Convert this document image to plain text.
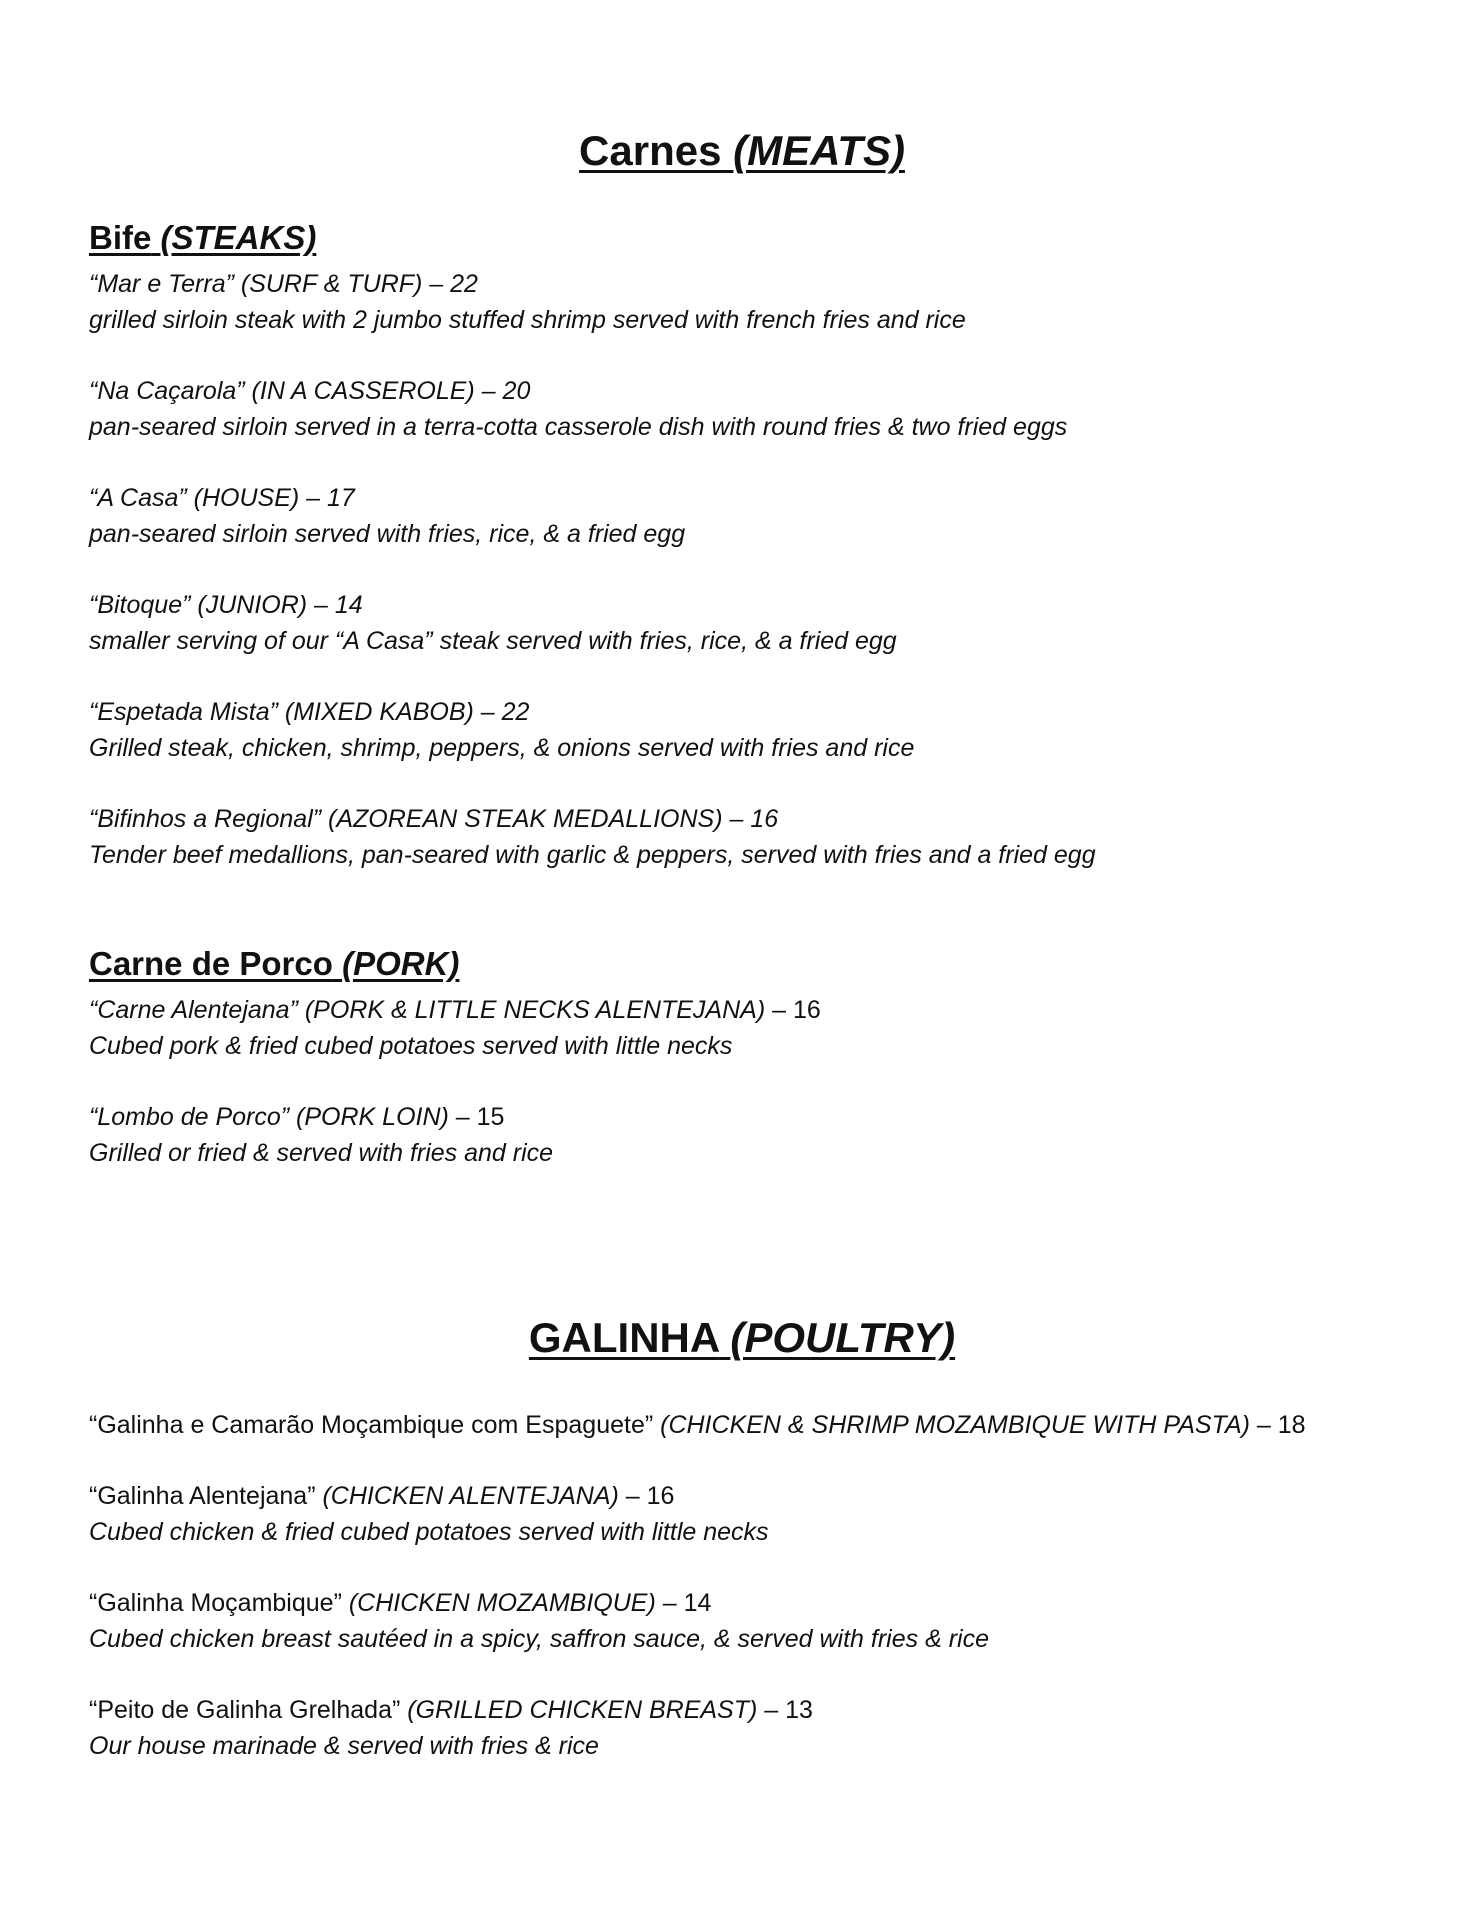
Carnes (MEATS)
Bife (STEAKS)
“Mar e Terra” (SURF & TURF) – 22
grilled sirloin steak with 2 jumbo stuffed shrimp served with french fries and rice
“Na Caçarola” (IN A CASSEROLE) – 20
pan-seared sirloin served in a terra-cotta casserole dish with round fries & two fried eggs
“A Casa” (HOUSE) – 17
pan-seared sirloin served with fries, rice, & a fried egg
“Bitoque” (JUNIOR) – 14
smaller serving of our “A Casa” steak served with fries, rice, & a fried egg
“Espetada Mista” (MIXED KABOB) – 22
Grilled steak, chicken, shrimp, peppers, & onions served with fries and rice
“Bifinhos a Regional” (AZOREAN STEAK MEDALLIONS) – 16
Tender beef medallions, pan-seared with garlic & peppers, served with fries and a fried egg
Carne de Porco (PORK)
“Carne Alentejana” (PORK & LITTLE NECKS ALENTEJANA) – 16
Cubed pork & fried cubed potatoes served with little necks
“Lombo de Porco” (PORK LOIN) – 15
Grilled or fried & served with fries and rice
GALINHA (POULTRY)
“Galinha e Camarão Moçambique com Espaguete” (CHICKEN & SHRIMP MOZAMBIQUE WITH PASTA) – 18
“Galinha Alentejana” (CHICKEN ALENTEJANA) – 16
Cubed chicken & fried cubed potatoes served with little necks
“Galinha Moçambique” (CHICKEN MOZAMBIQUE) – 14
Cubed chicken breast sautéed in a spicy, saffron sauce, & served with fries & rice
“Peito de Galinha Grelhada” (GRILLED CHICKEN BREAST) – 13
Our house marinade & served with fries & rice
